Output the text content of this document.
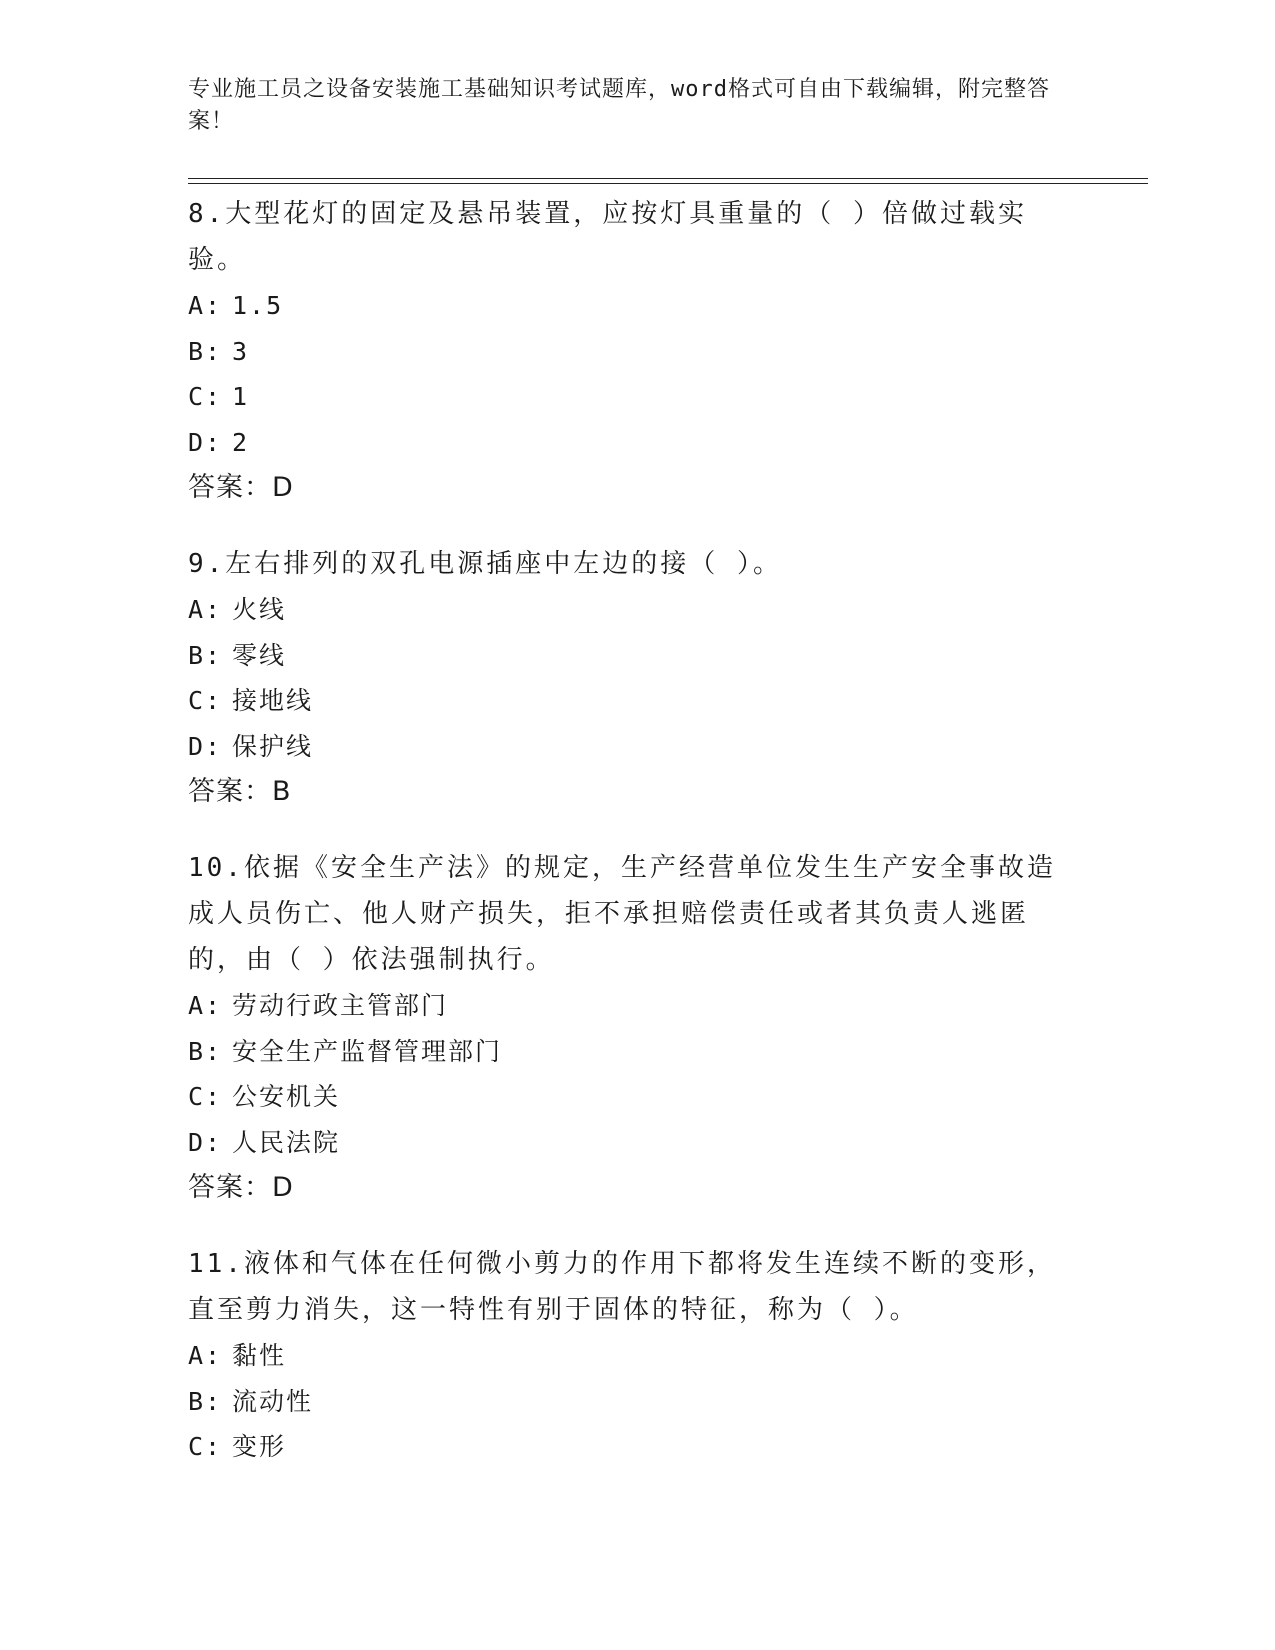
专业施工员之设备安装施工基础知识考试题库，word格式可自由下载编辑，附完整答案！

8.大型花灯的固定及悬吊装置，应按灯具重量的（ ）倍做过载实验。

A: 1.5

B: 3

C: 1

D: 2

答案：D

9.左右排列的双孔电源插座中左边的接（ ）。

A: 火线

B: 零线

C: 接地线

D: 保护线

答案：B

10.依据《安全生产法》的规定，生产经营单位发生生产安全事故造成人员伤亡、他人财产损失，拒不承担赔偿责任或者其负责人逃匿的，由（ ）依法强制执行。

A: 劳动行政主管部门

B: 安全生产监督管理部门

C: 公安机关

D: 人民法院

答案：D

11.液体和气体在任何微小剪力的作用下都将发生连续不断的变形，直至剪力消失，这一特性有别于固体的特征，称为（ ）。

A: 黏性

B: 流动性

C: 变形
